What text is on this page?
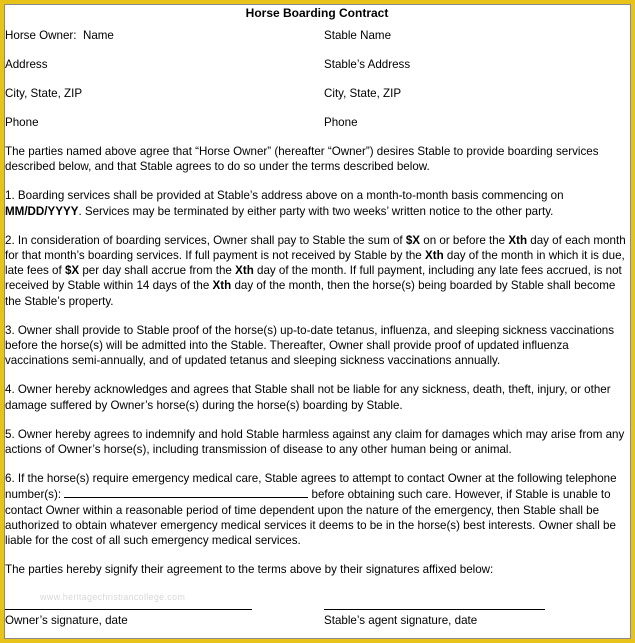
Horse Boarding Contract
Horse Owner:  Name	Stable Name
Address	Stable’s Address
City, State, ZIP	City, State, ZIP
Phone	Phone

The parties named above agree that “Horse Owner” (hereafter “Owner”) desires Stable to provide boarding services described below, and that Stable agrees to do so under the terms described below.

1. Boarding services shall be provided at Stable’s address above on a month-to-month basis commencing on MM/DD/YYYY. Services may be terminated by either party with two weeks’ written notice to the other party.

2. In consideration of boarding services, Owner shall pay to Stable the sum of $X on or before the Xth day of each month for that month’s boarding services. If full payment is not received by Stable by the Xth day of the month in which it is due, late fees of $X per day shall accrue from the Xth day of the month. If full payment, including any late fees accrued, is not received by Stable within 14 days of the Xth day of the month, then the horse(s) being boarded by Stable shall become the Stable’s property.

3. Owner shall provide to Stable proof of the horse(s) up-to-date tetanus, influenza, and sleeping sickness vaccinations before the horse(s) will be admitted into the Stable. Thereafter, Owner shall provide proof of updated influenza vaccinations semi-annually, and of updated tetanus and sleeping sickness vaccinations annually.

4. Owner hereby acknowledges and agrees that Stable shall not be liable for any sickness, death, theft, injury, or other damage suffered by Owner’s horse(s) during the horse(s) boarding by Stable.

5. Owner hereby agrees to indemnify and hold Stable harmless against any claim for damages which may arise from any actions of Owner’s horse(s), including transmission of disease to any other human being or animal.

6. If the horse(s) require emergency medical care, Stable agrees to attempt to contact Owner at the following telephone number(s):	before obtaining such care. However, if Stable is unable to contact Owner within a reasonable period of time dependent upon the nature of the emergency, then Stable shall be authorized to obtain whatever emergency medical services it deems to be in the horse(s) best interests. Owner shall be liable for the cost of all such emergency medical services.

The parties hereby signify their agreement to the terms above by their signatures affixed below:

www.heritagechristiancollege.com
Owner’s signature, date	Stable’s agent signature, date
